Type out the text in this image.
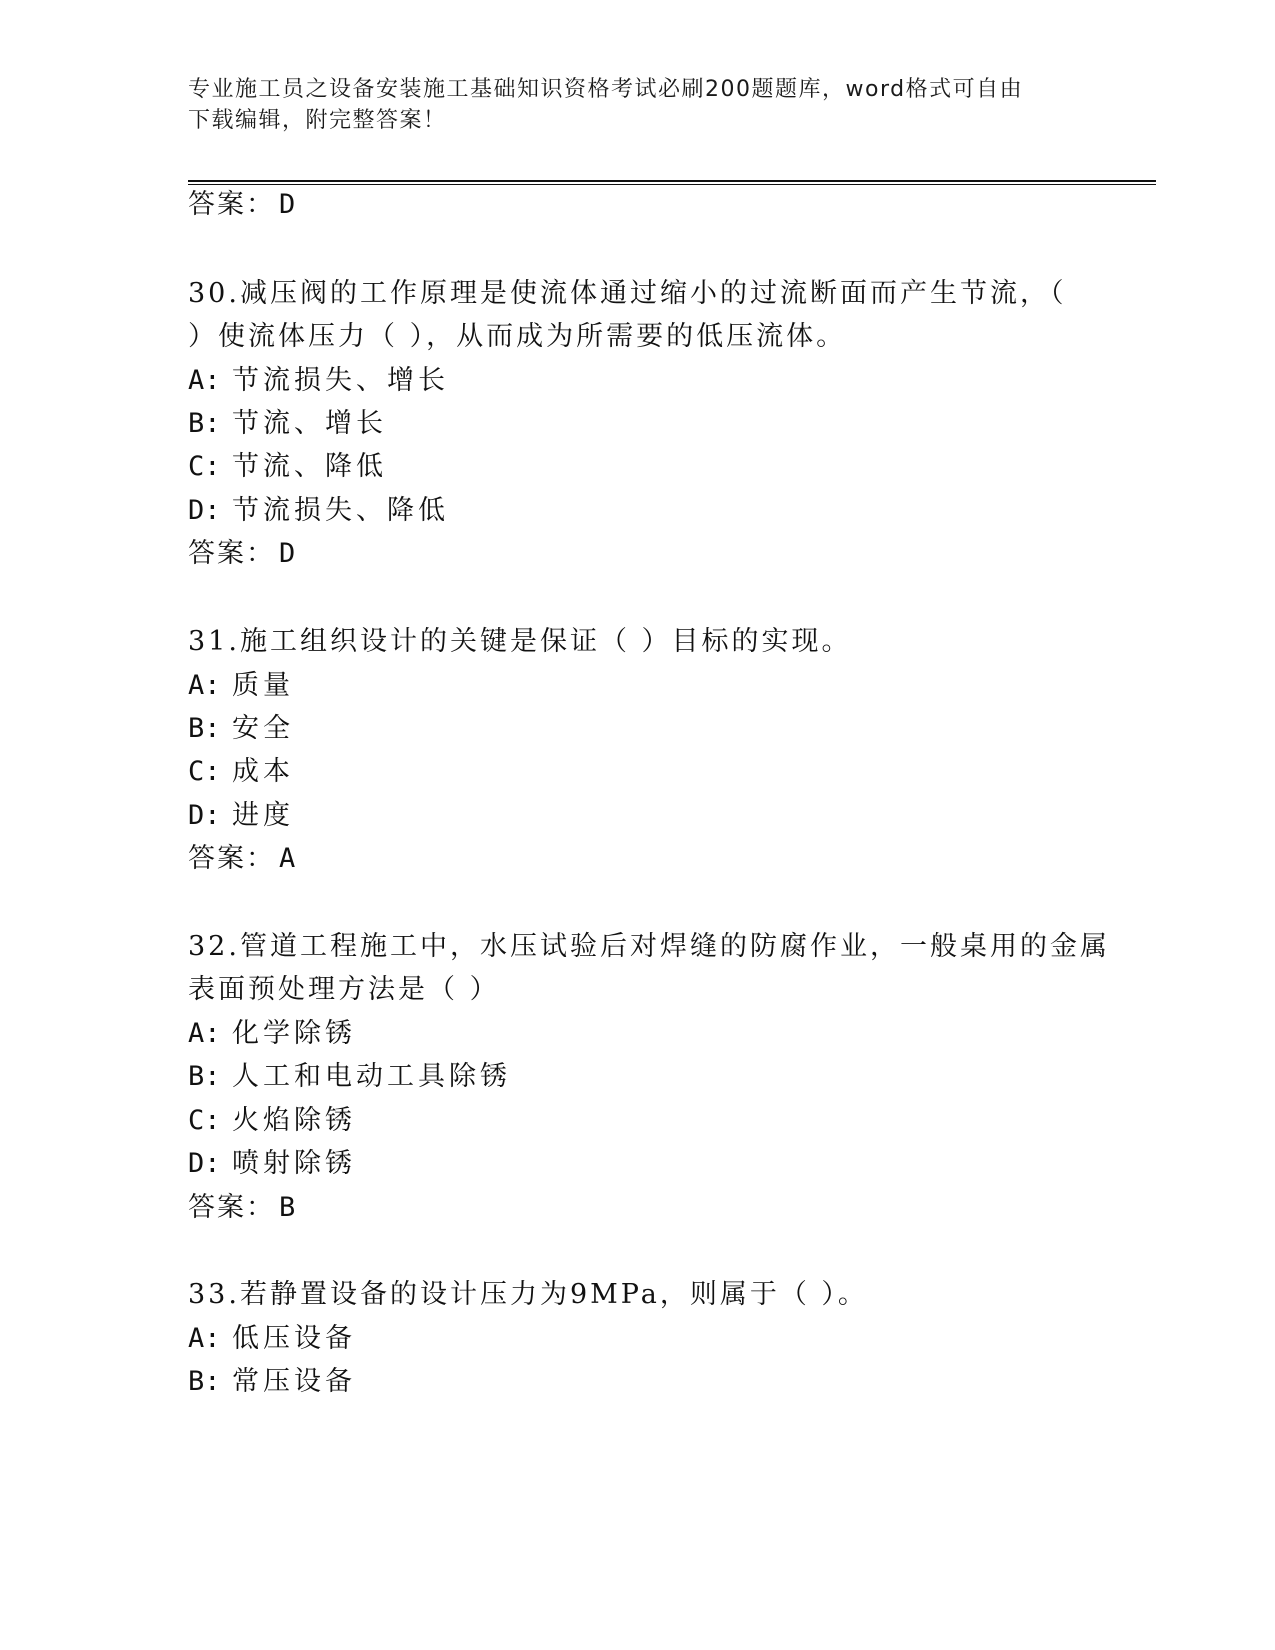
专业施工员之设备安装施工基础知识资格考试必刷200题题库，word格式可自由
下载编辑，附完整答案！
答案： D
30.减压阀的工作原理是使流体通过缩小的过流断面而产生节流，（
）使流体压力（ ），从而成为所需要的低压流体。
A: 节流损失、增长
B: 节流、增长
C: 节流、降低
D: 节流损失、降低
答案： D
31.施工组织设计的关键是保证（ ）目标的实现。
A: 质量
B: 安全
C: 成本
D: 进度
答案： A
32.管道工程施工中，水压试验后对焊缝的防腐作业，一般桌用的金属
表面预处理方法是（ ）
A: 化学除锈
B: 人工和电动工具除锈
C: 火焰除锈
D: 喷射除锈
答案： B
33.若静置设备的设计压力为9MPa，则属于（ ）。
A: 低压设备
B: 常压设备
